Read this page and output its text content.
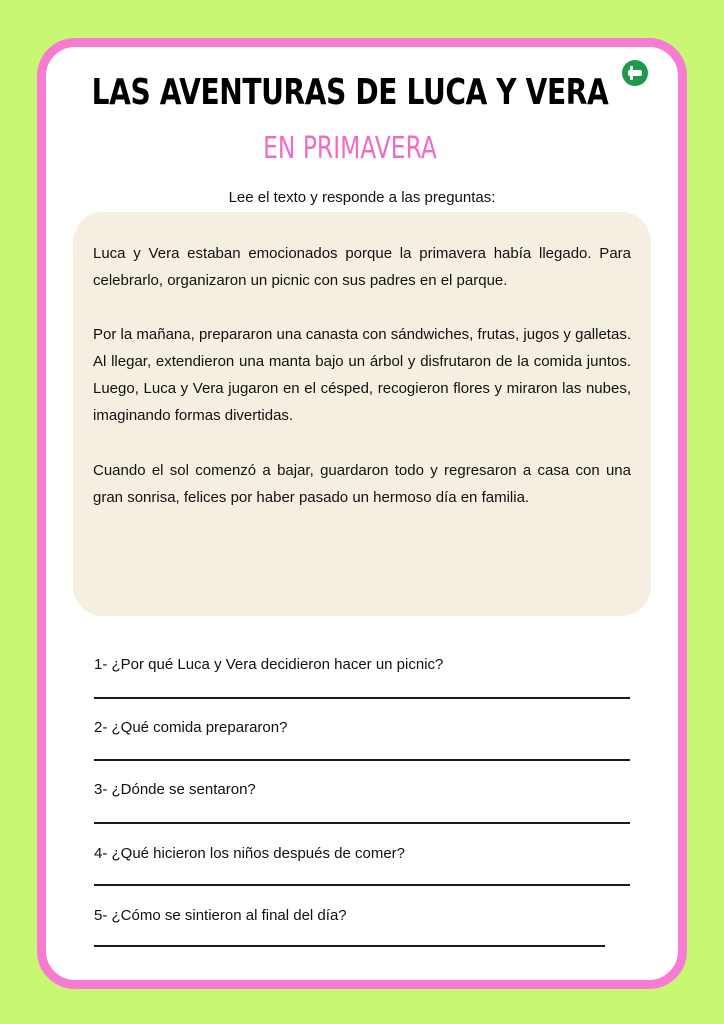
LAS AVENTURAS DE LUCA Y VERA
EN PRIMAVERA
Lee el texto y responde a las preguntas:

Luca y Vera estaban emocionados porque la primavera había llegado. Para celebrarlo, organizaron un picnic con sus padres en el parque.

Por la mañana, prepararon una canasta con sándwiches, frutas, jugos y galletas. Al llegar, extendieron una manta bajo un árbol y disfrutaron de la comida juntos. Luego, Luca y Vera jugaron en el césped, recogieron flores y miraron las nubes, imaginando formas divertidas.

Cuando el sol comenzó a bajar, guardaron todo y regresaron a casa con una gran sonrisa, felices por haber pasado un hermoso día en familia.

1- ¿Por qué Luca y Vera decidieron hacer un picnic?
2- ¿Qué comida prepararon?
3- ¿Dónde se sentaron?
4- ¿Qué hicieron los niños después de comer?
5- ¿Cómo se sintieron al final del día?
